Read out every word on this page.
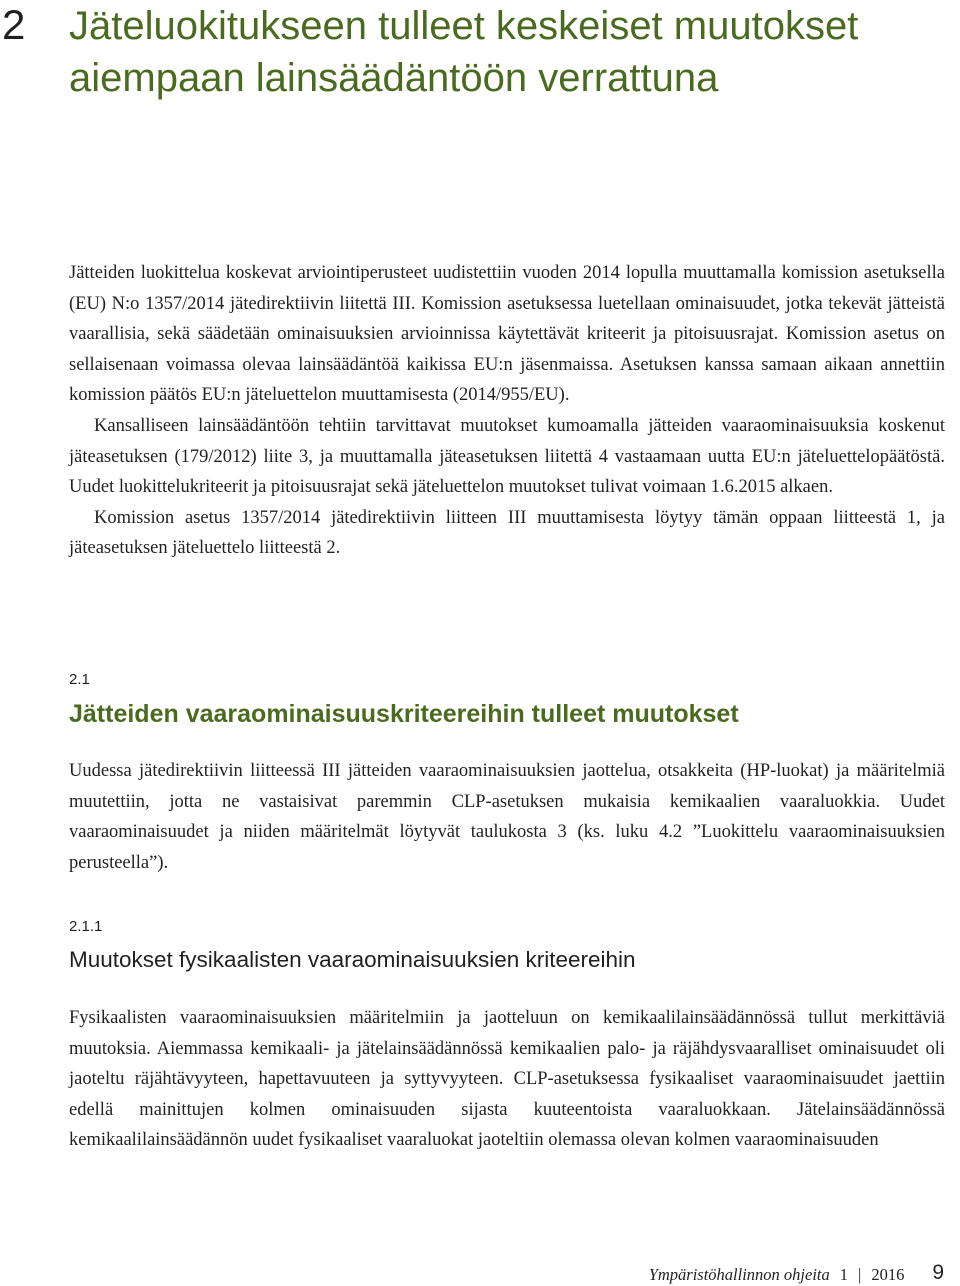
2 Jäteluokitukseen tulleet keskeiset muutokset aiempaan lainsäädäntöön verrattuna

Jätteiden luokittelua koskevat arviointiperusteet uudistettiin vuoden 2014 lopulla muuttamalla komission asetuksella (EU) N:o 1357/2014 jätedirektiivin liitettä III. Komission asetuksessa luetellaan ominaisuudet, jotka tekevät jätteistä vaarallisia, sekä säädetään ominaisuuksien arvioinnissa käytettävät kriteerit ja pitoisuusrajat. Komission asetus on sellaisenaan voimassa olevaa lainsäädäntöä kaikissa EU:n jäsenmaissa. Asetuksen kanssa samaan aikaan annettiin komission päätös EU:n jäteluettelon muuttamisesta (2014/955/EU).

Kansalliseen lainsäädäntöön tehtiin tarvittavat muutokset kumoamalla jätteiden vaaraominaisuuksia koskenut jäteasetuksen (179/2012) liite 3, ja muuttamalla jäteasetuksen liitettä 4 vastaamaan uutta EU:n jäteluettelopäätöstä. Uudet luokittelukriteerit ja pitoisuusrajat sekä jäteluettelon muutokset tulivat voimaan 1.6.2015 alkaen.

Komission asetus 1357/2014 jätedirektiivin liitteen III muuttamisesta löytyy tämän oppaan liitteestä 1, ja jäteasetuksen jäteluettelo liitteestä 2.

2.1
Jätteiden vaaraominaisuuskriteereihin tulleet muutokset

Uudessa jätedirektiivin liitteessä III jätteiden vaaraominaisuuksien jaottelua, otsakkeita (HP-luokat) ja määritelmiä muutettiin, jotta ne vastaisivat paremmin CLP-asetuksen mukaisia kemikaalien vaaraluokkia. Uudet vaaraominaisuudet ja niiden määritelmät löytyvät taulukosta 3 (ks. luku 4.2 ”Luokittelu vaaraominaisuuksien perusteella”).

2.1.1
Muutokset fysikaalisten vaaraominaisuuksien kriteereihin

Fysikaalisten vaaraominaisuuksien määritelmiin ja jaotteluun on kemikaalilainsäädännössä tullut merkittäviä muutoksia. Aiemmassa kemikaali- ja jätelainsäädännössä kemikaalien palo- ja räjähdysvaaralliset ominaisuudet oli jaoteltu räjähtävyyteen, hapettavuuteen ja syttyvyyteen. CLP-asetuksessa fysikaaliset vaaraominaisuudet jaettiin edellä mainittujen kolmen ominaisuuden sijasta kuuteentoista vaaraluokkaan. Jätelainsäädännössä kemikaalilainsäädännön uudet fysikaaliset vaaraluokat jaoteltiin olemassa olevan kolmen vaaraominaisuuden

Ympäristöhallinnon ohjeita 1 | 2016 9
